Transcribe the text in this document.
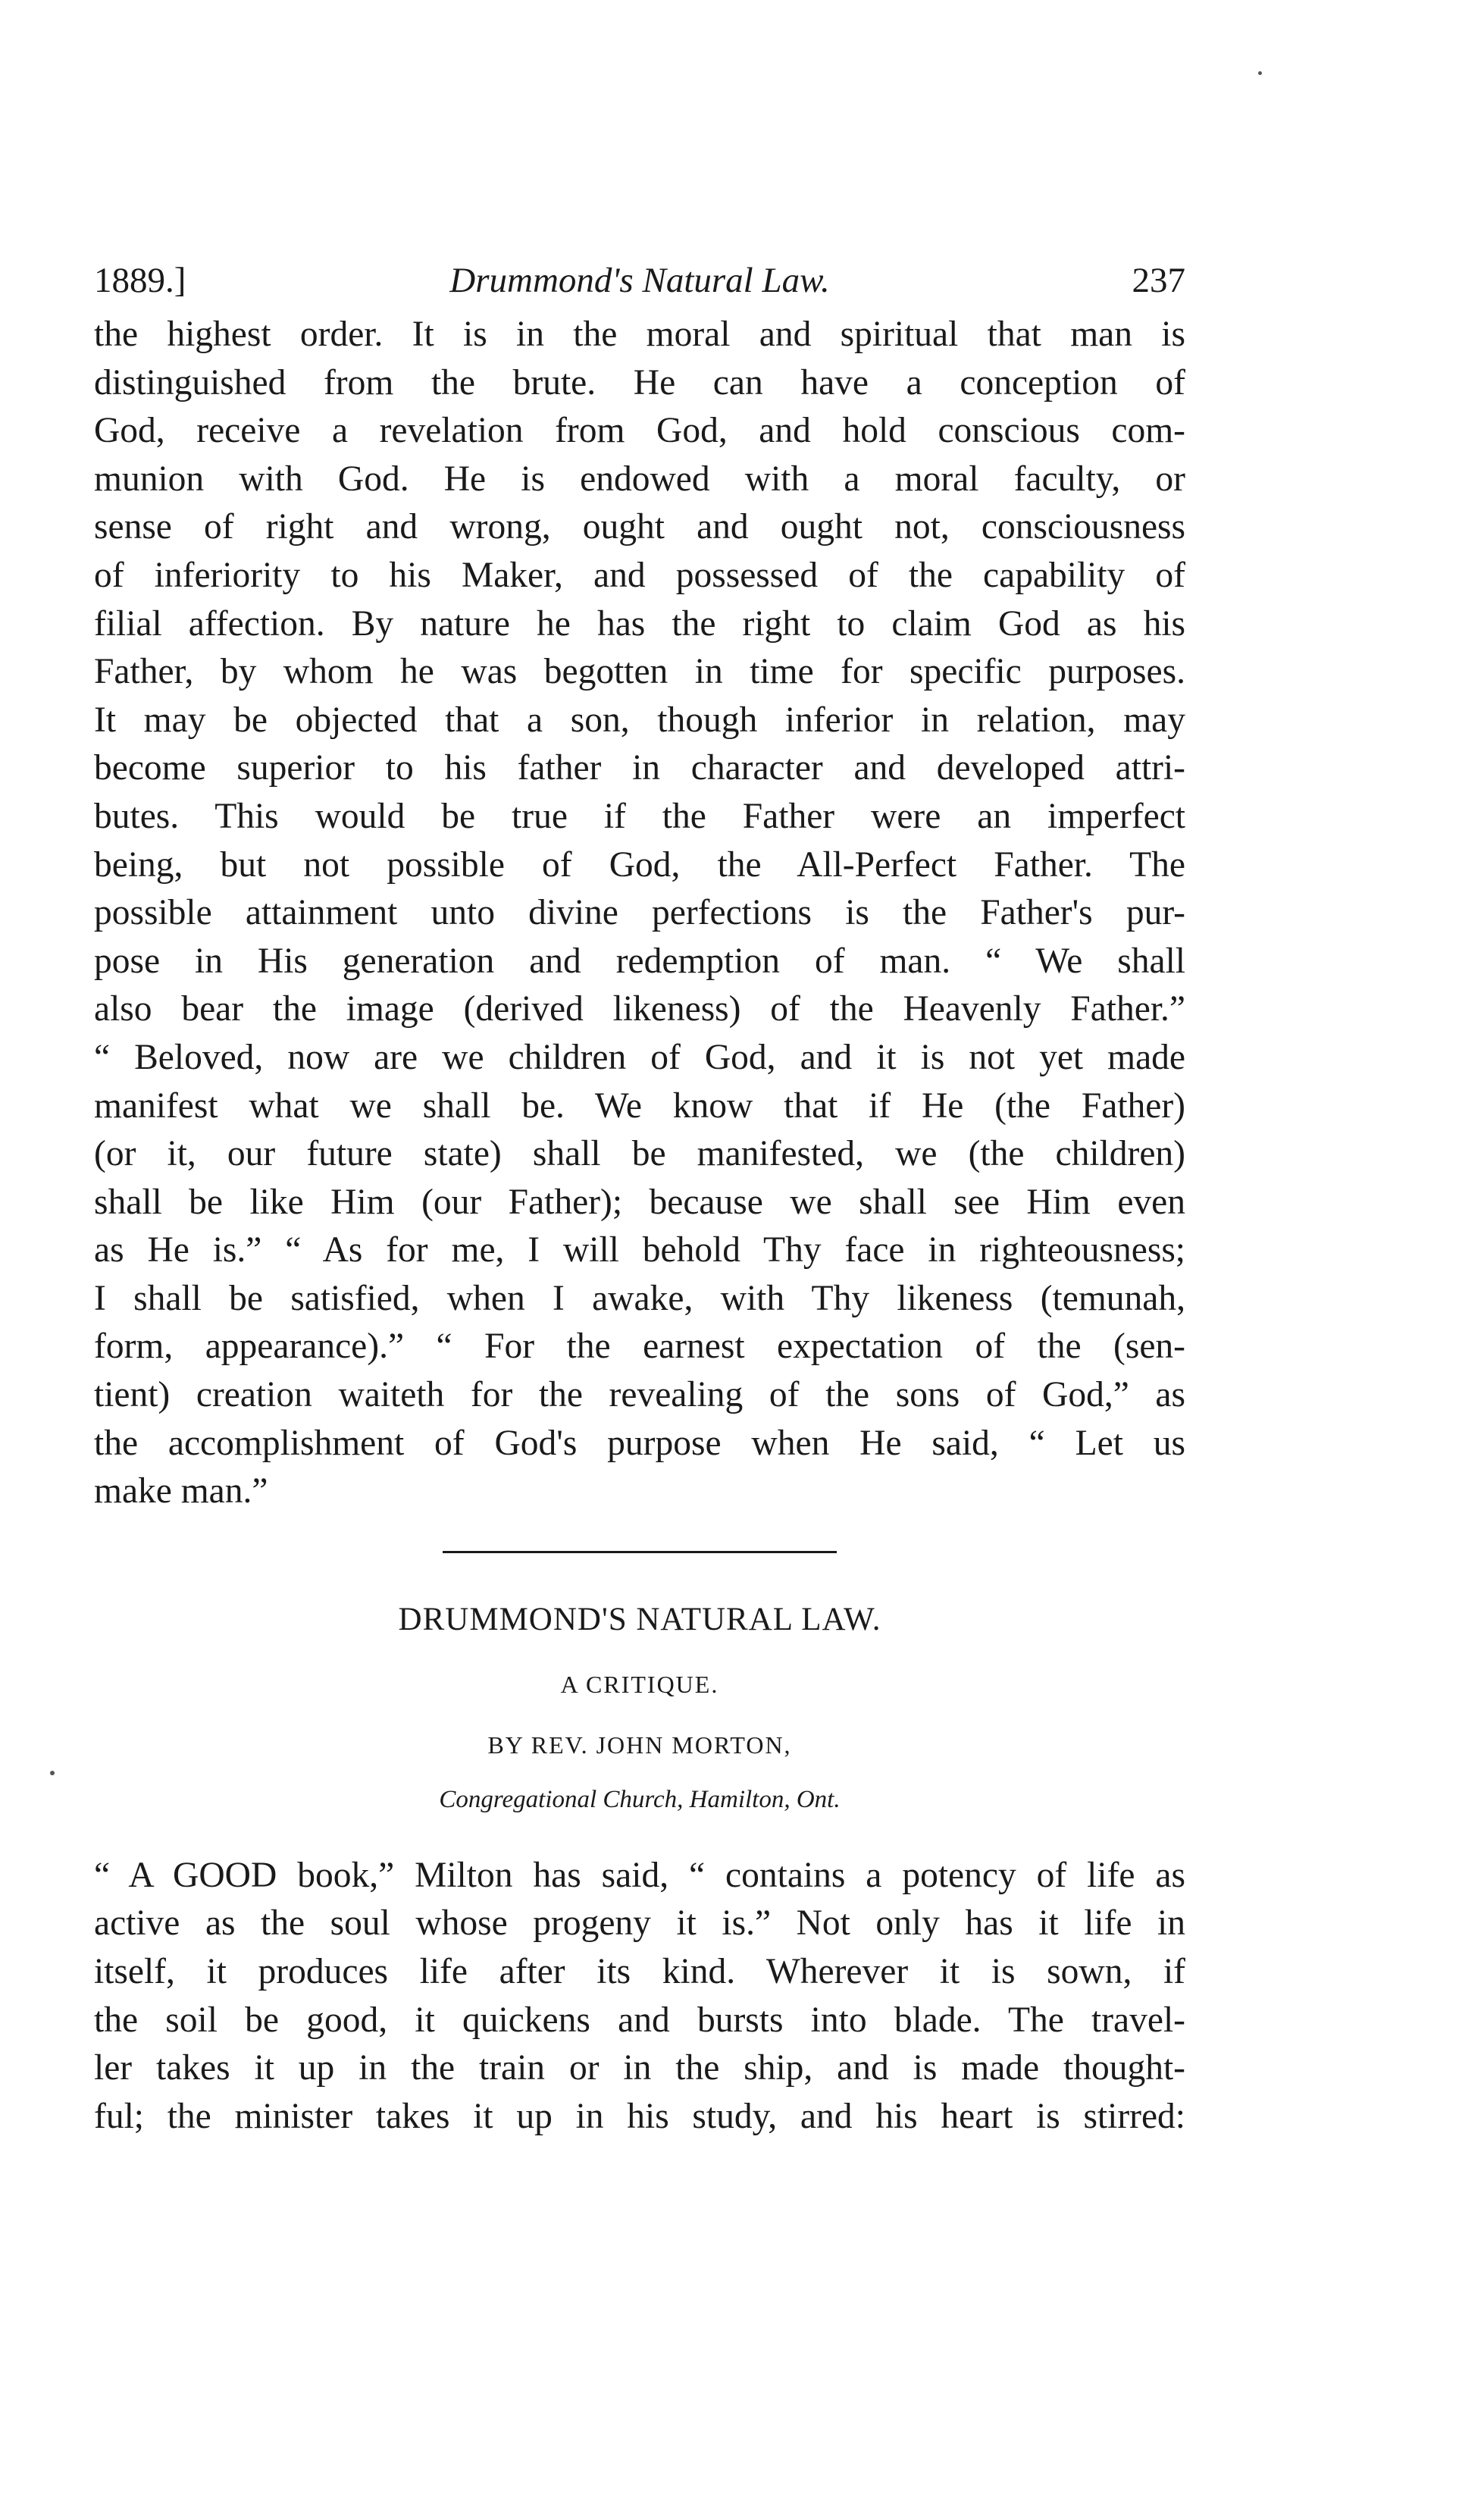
1889.]	Drummond's Natural Law.	237
the highest order. It is in the moral and spiritual that man is
distinguished from the brute. He can have a conception of
God, receive a revelation from God, and hold conscious com-
munion with God. He is endowed with a moral faculty, or
sense of right and wrong, ought and ought not, consciousness
of inferiority to his Maker, and possessed of the capability of
filial affection. By nature he has the right to claim God as his
Father, by whom he was begotten in time for specific purposes.
It may be objected that a son, though inferior in relation, may
become superior to his father in character and developed attri-
butes. This would be true if the Father were an imperfect
being, but not possible of God, the All-Perfect Father. The
possible attainment unto divine perfections is the Father's pur-
pose in His generation and redemption of man. “ We shall
also bear the image (derived likeness) of the Heavenly Father.”
“ Beloved, now are we children of God, and it is not yet made
manifest what we shall be. We know that if He (the Father)
(or it, our future state) shall be manifested, we (the children)
shall be like Him (our Father); because we shall see Him even
as He is.” “ As for me, I will behold Thy face in righteousness;
I shall be satisfied, when I awake, with Thy likeness (temunah,
form, appearance).” “ For the earnest expectation of the (sen-
tient) creation waiteth for the revealing of the sons of God,” as
the accomplishment of God's purpose when He said, “ Let us
make man.”
DRUMMOND'S NATURAL LAW.
A CRITIQUE.
BY REV. JOHN MORTON,
Congregational Church, Hamilton, Ont.
“ A GOOD book,” Milton has said, “ contains a potency of life as
active as the soul whose progeny it is.” Not only has it life in
itself, it produces life after its kind. Wherever it is sown, if
the soil be good, it quickens and bursts into blade. The travel-
ler takes it up in the train or in the ship, and is made thought-
ful; the minister takes it up in his study, and his heart is stirred:
